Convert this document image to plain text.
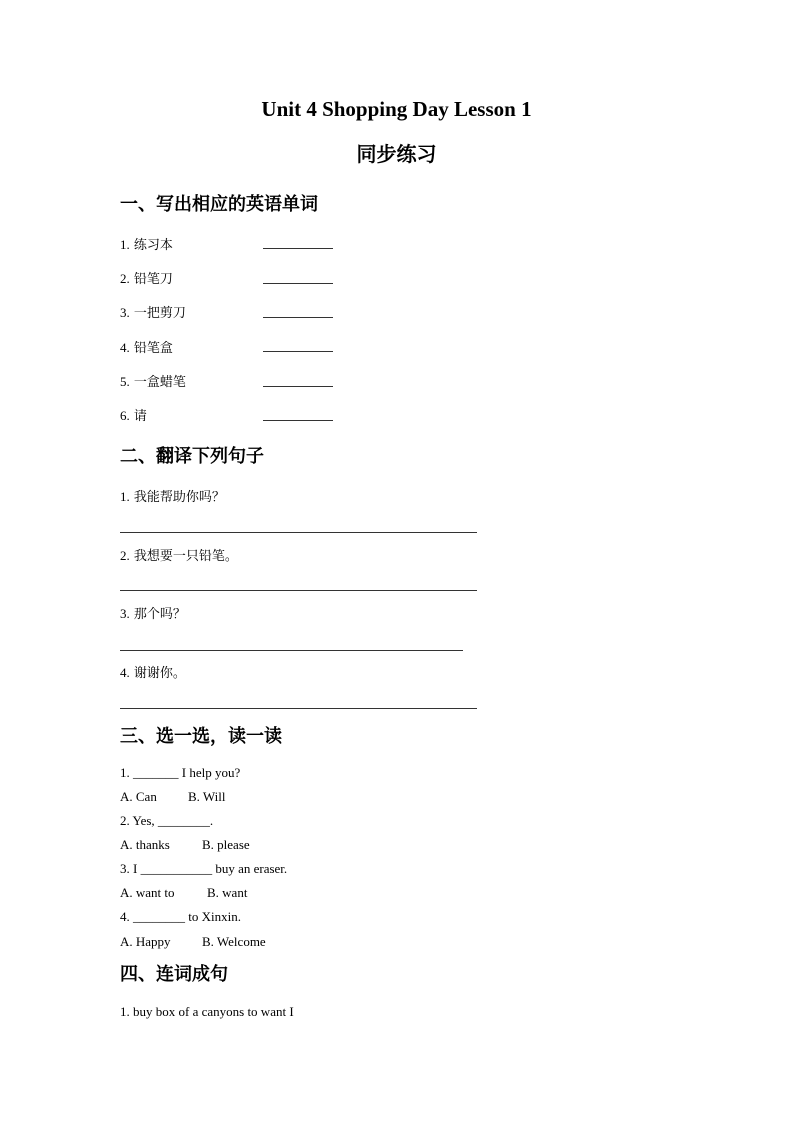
Unit 4 Shopping Day Lesson 1
同步练习
一、写出相应的英语单词
1. 练习本
2. 铅笔刀
3. 一把剪刀
4. 铅笔盒
5. 一盒蜡笔
6. 请
二、翻译下列句子
1. 我能帮助你吗？
2. 我想要一只铅笔。
3. 那个吗？
4. 谢谢你。
三、选一选，读一读
1. _______ I help you?
A. Can B. Will
2. Yes, ________.
A. thanks B. please
3. I ___________ buy an eraser.
A. want to B. want
4. ________ to Xinxin.
A. Happy B. Welcome
四、连词成句
1. buy box of a canyons to want I
